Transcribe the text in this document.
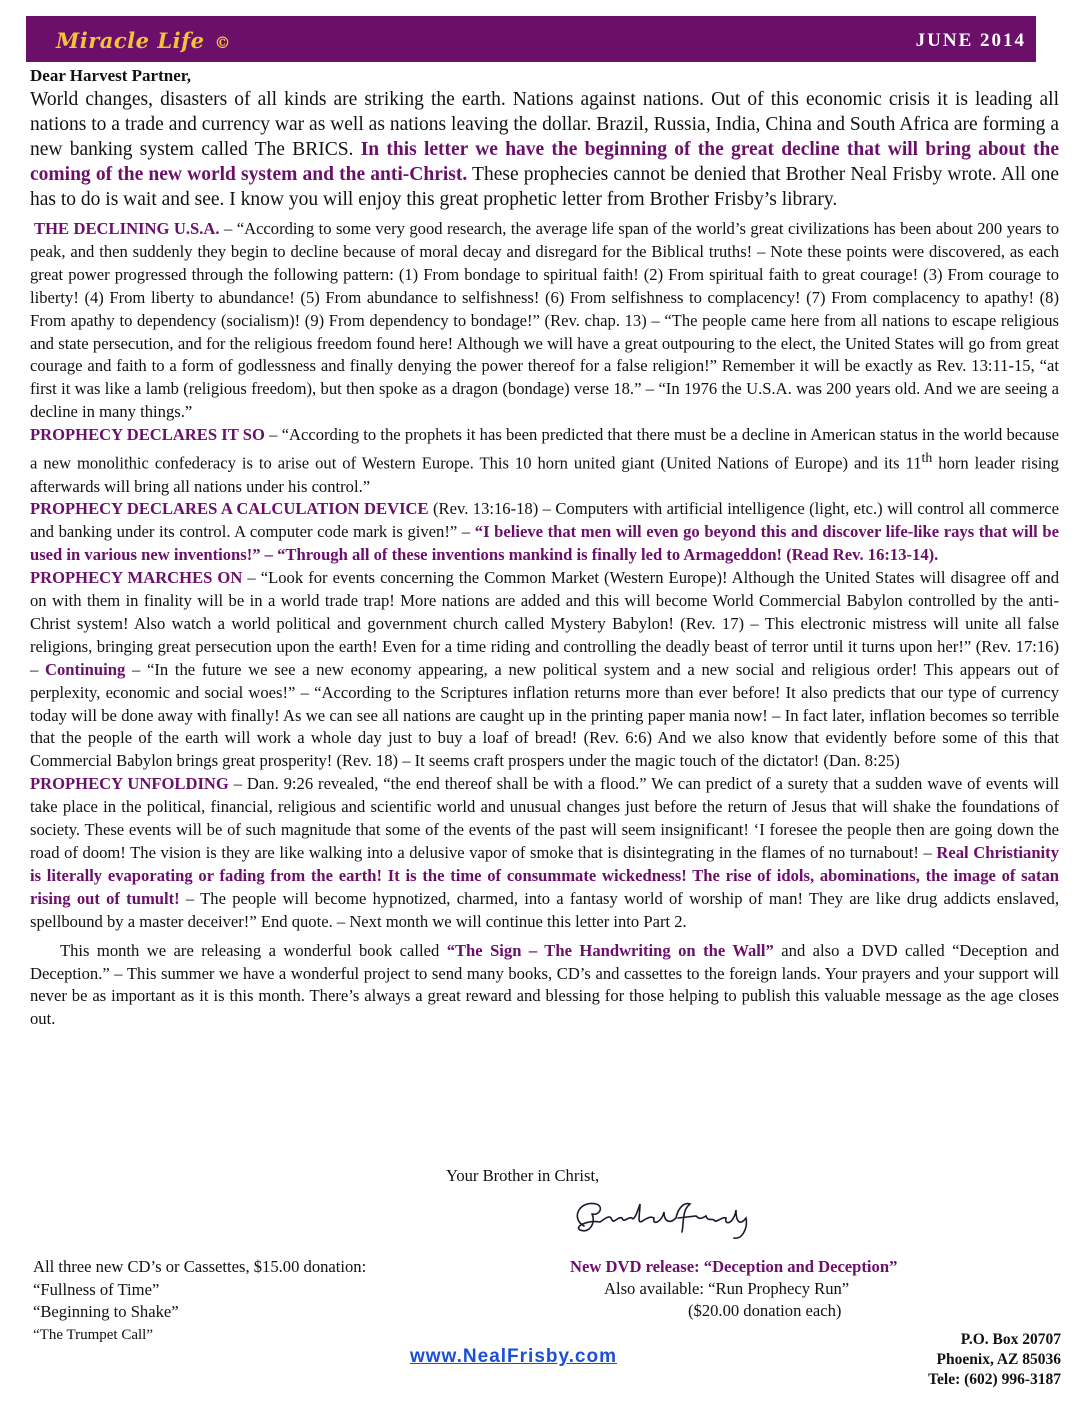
Miracle Life ©	JUNE 2014
Dear Harvest Partner,

World changes, disasters of all kinds are striking the earth. Nations against nations. Out of this economic crisis it is leading all nations to a trade and currency war as well as nations leaving the dollar. Brazil, Russia, India, China and South Africa are forming a new banking system called The BRICS. In this letter we have the beginning of the great decline that will bring about the coming of the new world system and the anti-Christ. These prophecies cannot be denied that Brother Neal Frisby wrote. All one has to do is wait and see. I know you will enjoy this great prophetic letter from Brother Frisby’s library.

THE DECLINING U.S.A. – “According to some very good research, the average life span of the world’s great civilizations has been about 200 years to peak, and then suddenly they begin to decline because of moral decay and disregard for the Biblical truths! – Note these points were discovered, as each great power progressed through the following pattern: (1) From bondage to spiritual faith! (2) From spiritual faith to great courage! (3) From courage to liberty! (4) From liberty to abundance! (5) From abundance to selfishness! (6) From selfishness to complacency! (7) From complacency to apathy! (8) From apathy to dependency (socialism)! (9) From dependency to bondage!” (Rev. chap. 13) – “The people came here from all nations to escape religious and state persecution, and for the religious freedom found here! Although we will have a great outpouring to the elect, the United States will go from great courage and faith to a form of godlessness and finally denying the power thereof for a false religion!” Remember it will be exactly as Rev. 13:11-15, “at first it was like a lamb (religious freedom), but then spoke as a dragon (bondage) verse 18.” – “In 1976 the U.S.A. was 200 years old. And we are seeing a decline in many things.”

PROPHECY DECLARES IT SO – “According to the prophets it has been predicted that there must be a decline in American status in the world because a new monolithic confederacy is to arise out of Western Europe. This 10 horn united giant (United Nations of Europe) and its 11th horn leader rising afterwards will bring all nations under his control.”

PROPHECY DECLARES A CALCULATION DEVICE (Rev. 13:16-18) – Computers with artificial intelligence (light, etc.) will control all commerce and banking under its control. A computer code mark is given!” – “I believe that men will even go beyond this and discover life-like rays that will be used in various new inventions!” – “Through all of these inventions mankind is finally led to Armageddon! (Read Rev. 16:13-14).

PROPHECY MARCHES ON – “Look for events concerning the Common Market (Western Europe)! Although the United States will disagree off and on with them in finality will be in a world trade trap! More nations are added and this will become World Commercial Babylon controlled by the anti-Christ system! Also watch a world political and government church called Mystery Babylon! (Rev. 17) – This electronic mistress will unite all false religions, bringing great persecution upon the earth! Even for a time riding and controlling the deadly beast of terror until it turns upon her!” (Rev. 17:16) – Continuing – “In the future we see a new economy appearing, a new political system and a new social and religious order! This appears out of perplexity, economic and social woes!” – “According to the Scriptures inflation returns more than ever before! It also predicts that our type of currency today will be done away with finally! As we can see all nations are caught up in the printing paper mania now! – In fact later, inflation becomes so terrible that the people of the earth will work a whole day just to buy a loaf of bread! (Rev. 6:6) And we also know that evidently before some of this that Commercial Babylon brings great prosperity! (Rev. 18) – It seems craft prospers under the magic touch of the dictator! (Dan. 8:25)

PROPHECY UNFOLDING – Dan. 9:26 revealed, “the end thereof shall be with a flood.” We can predict of a surety that a sudden wave of events will take place in the political, financial, religious and scientific world and unusual changes just before the return of Jesus that will shake the foundations of society. These events will be of such magnitude that some of the events of the past will seem insignificant! ‘I foresee the people then are going down the road of doom! The vision is they are like walking into a delusive vapor of smoke that is disintegrating in the flames of no turnabout! – Real Christianity is literally evaporating or fading from the earth! It is the time of consummate wickedness! The rise of idols, abominations, the image of satan rising out of tumult! – The people will become hypnotized, charmed, into a fantasy world of worship of man! They are like drug addicts enslaved, spellbound by a master deceiver!” End quote. – Next month we will continue this letter into Part 2.

This month we are releasing a wonderful book called “The Sign – The Handwriting on the Wall” and also a DVD called “Deception and Deception.” – This summer we have a wonderful project to send many books, CD’s and cassettes to the foreign lands. Your prayers and your support will never be as important as it is this month. There’s always a great reward and blessing for those helping to publish this valuable message as the age closes out.

Your Brother in Christ,
All three new CD’s or Cassettes, $15.00 donation:
“Fullness of Time”
“Beginning to Shake”
“The Trumpet Call”
New DVD release: “Deception and Deception”
Also available: “Run Prophecy Run”
($20.00 donation each)
www.NealFrisby.com
P.O. Box 20707
Phoenix, AZ 85036
Tele: (602) 996-3187
